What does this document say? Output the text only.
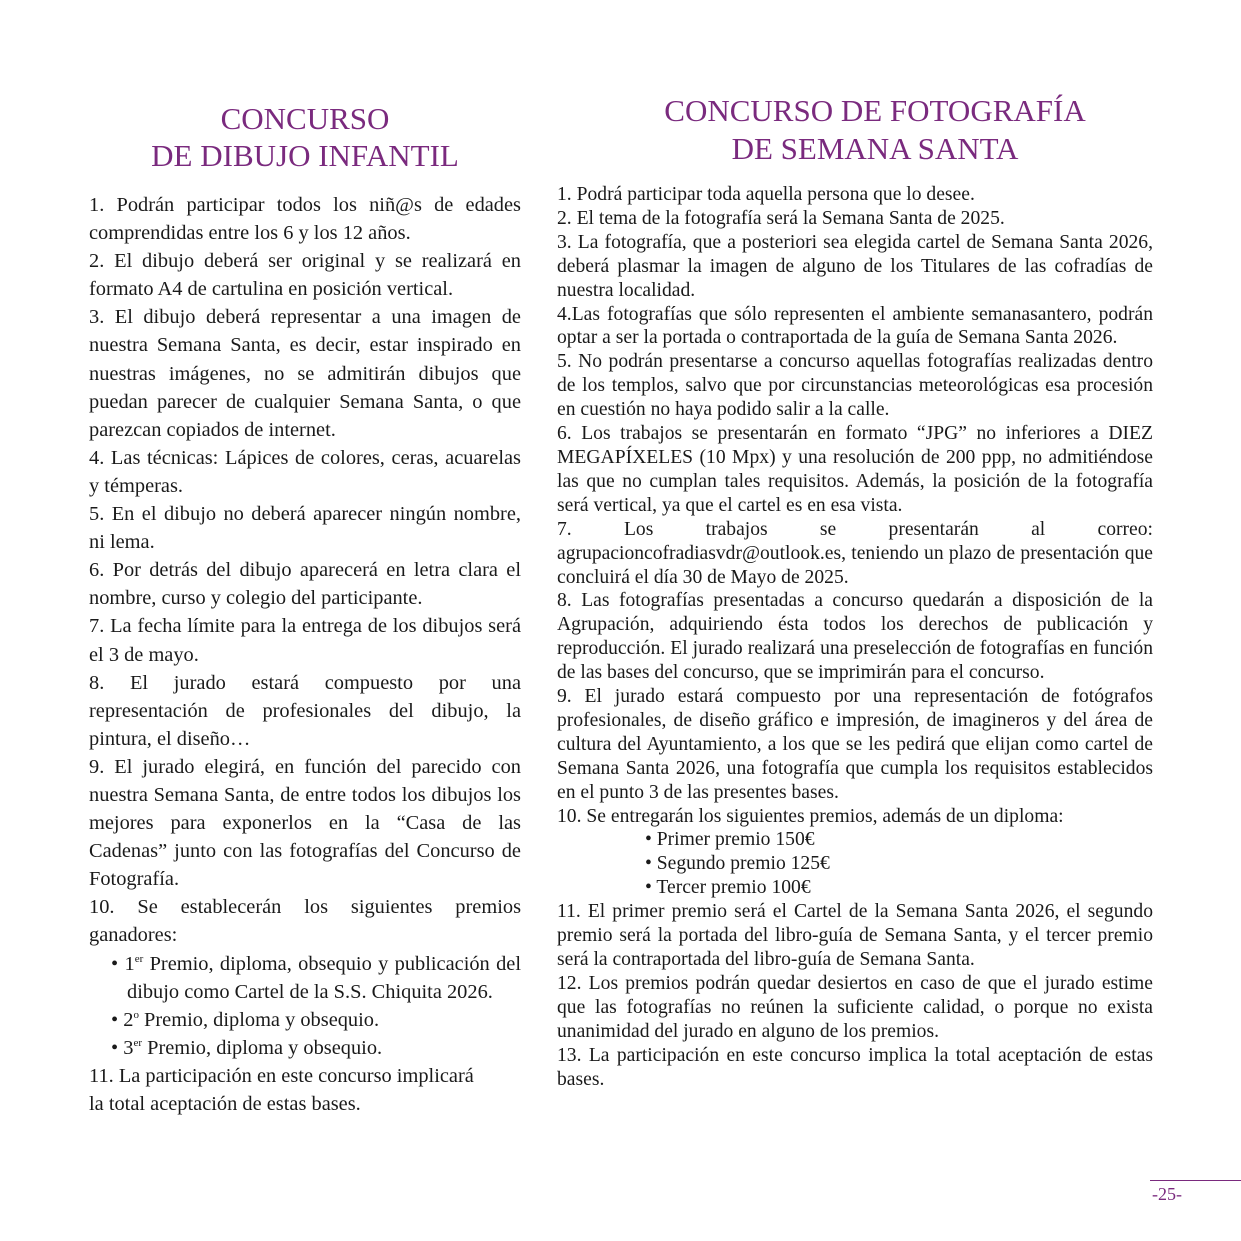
CONCURSO
DE DIBUJO INFANTIL

1. Podrán participar todos los niñ@s de edades comprendidas entre los 6 y los 12 años.

2. El dibujo deberá ser original y se realizará en formato A4 de cartulina en posición vertical.

3. El dibujo deberá representar a una imagen de nuestra Semana Santa, es decir, estar inspirado en nuestras imágenes, no se admitirán dibujos que puedan parecer de cualquier Semana Santa, o que parezcan copiados de internet.

4. Las técnicas: Lápices de colores, ceras, acuarelas y témperas.

5. En el dibujo no deberá aparecer ningún nombre, ni lema.

6. Por detrás del dibujo aparecerá en letra clara el nombre, curso y colegio del participante.

7. La fecha límite para la entrega de los dibujos será el 3 de mayo.

8. El jurado estará compuesto por una representación de profesionales del dibujo, la pintura, el diseño…

9. El jurado elegirá, en función del parecido con nuestra Semana Santa, de entre todos los dibujos los mejores para exponerlos en la “Casa de las Cadenas” junto con las fotografías del Concurso de Fotografía.

10. Se establecerán los siguientes premios ganadores:

• 1er Premio, diploma, obsequio y publicación del dibujo como Cartel de la S.S. Chiquita 2026.

• 2$^o$ Premio, diploma y obsequio.

• 3er Premio, diploma y obsequio.

11. La participación en este concurso implicará la total aceptación de estas bases.

CONCURSO DE FOTOGRAFÍA
DE SEMANA SANTA

1. Podrá participar toda aquella persona que lo desee.

2. El tema de la fotografía será la Semana Santa de 2025.

3. La fotografía, que a posteriori sea elegida cartel de Semana Santa 2026, deberá plasmar la imagen de alguno de los Titulares de las cofradías de nuestra localidad.

4.Las fotografías que sólo representen el ambiente semanasantero, podrán optar a ser la portada o contraportada de la guía de Semana Santa 2026.

5. No podrán presentarse a concurso aquellas fotografías realizadas dentro de los templos, salvo que por circunstancias meteorológicas esa procesión en cuestión no haya podido salir a la calle.

6. Los trabajos se presentarán en formato “JPG” no inferiores a DIEZ MEGAPÍXELES (10 Mpx) y una resolución de 200 ppp, no admitiéndose las que no cumplan tales requisitos. Además, la posición de la fotografía será vertical, ya que el cartel es en esa vista.

7. Los trabajos se presentarán al correo: agrupacioncofradiasvdr@outlook.es, teniendo un plazo de presentación que concluirá el día 30 de Mayo de 2025.

8. Las fotografías presentadas a concurso quedarán a disposición de la Agrupación, adquiriendo ésta todos los derechos de publicación y reproducción. El jurado realizará una preselección de fotografías en función de las bases del concurso, que se imprimirán para el concurso.

9. El jurado estará compuesto por una representación de fotógrafos profesionales, de diseño gráfico e impresión, de imagineros y del área de cultura del Ayuntamiento, a los que se les pedirá que elijan como cartel de Semana Santa 2026, una fotografía que cumpla los requisitos establecidos en el punto 3 de las presentes bases.

10. Se entregarán los siguientes premios, además de un diploma:

• Primer premio 150€

• Segundo premio 125€

• Tercer premio 100€

11. El primer premio será el Cartel de la Semana Santa 2026, el segundo premio será la portada del libro-guía de Semana Santa, y el tercer premio será la contraportada del libro-guía de Semana Santa.

12. Los premios podrán quedar desiertos en caso de que el jurado estime que las fotografías no reúnen la suficiente calidad, o porque no exista unanimidad del jurado en alguno de los premios.

13. La participación en este concurso implica la total aceptación de estas bases.

-25-
